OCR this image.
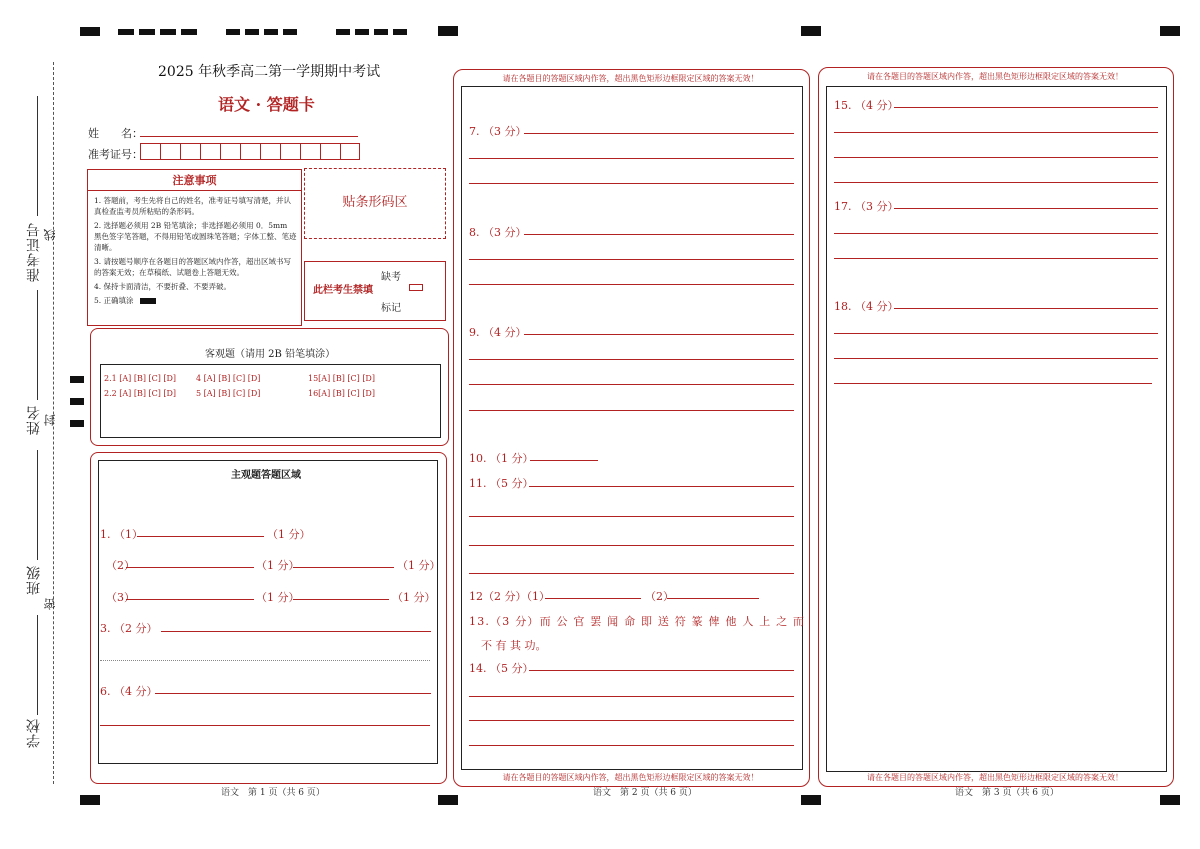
准考证号
姓名
班级
学校
线
封
密
2025 年秋季高二第一学期期中考试
语文 · 答题卡
姓　　名：
准考证号：
注意事项
1. 答题前，考生先将自己的姓名，准考证号填写清楚，并认真检查监考员所粘贴的条形码。
2. 选择题必须用 2B 铅笔填涂；非选择题必须用 0．5mm 黑色签字笔答题，不得用铅笔或圆珠笔答题；字体工整、笔迹清晰。
3. 请按题号顺序在各题目的答题区域内作答，超出区域书写的答案无效；在草稿纸、试题卷上答题无效。
4. 保持卡面清洁，不要折叠、不要弄破。
5. 正确填涂
贴条形码区
此栏考生禁填
缺考
标记
客观题（请用 2B 铅笔填涂）
2.1 [A] [B] [C] [D] 4 [A] [B] [C] [D]	15[A] [B] [C] [D]
2.2 [A] [B] [C] [D] 5 [A] [B] [C] [D]	16[A] [B] [C] [D]
主观题答题区域
1. （1）	（1 分）
（2）	（1 分）	（1 分）
（3）	（1 分）	（1 分）
3. （2 分）
6. （4 分）
语文　第 1 页（共 6 页）
请在各题目的答题区域内作答，超出黑色矩形边框限定区域的答案无效！
请在各题目的答题区域内作答，超出黑色矩形边框限定区域的答案无效！
7. （3 分）
8. （3 分）
9. （4 分）
10. （1 分）
11. （5 分）
12（2 分）（1）	（2）
13.（3 分）而 公 官 罢 闻 命 即 送 符 篆 俾 他 人 上 之 而
不 有 其 功。
14. （5 分）
语文　第 2 页（共 6 页）
请在各题目的答题区域内作答，超出黑色矩形边框限定区域的答案无效！
请在各题目的答题区域内作答，超出黑色矩形边框限定区域的答案无效！
15. （4 分）
17. （3 分）
18. （4 分）
语文　第 3 页（共 6 页）
